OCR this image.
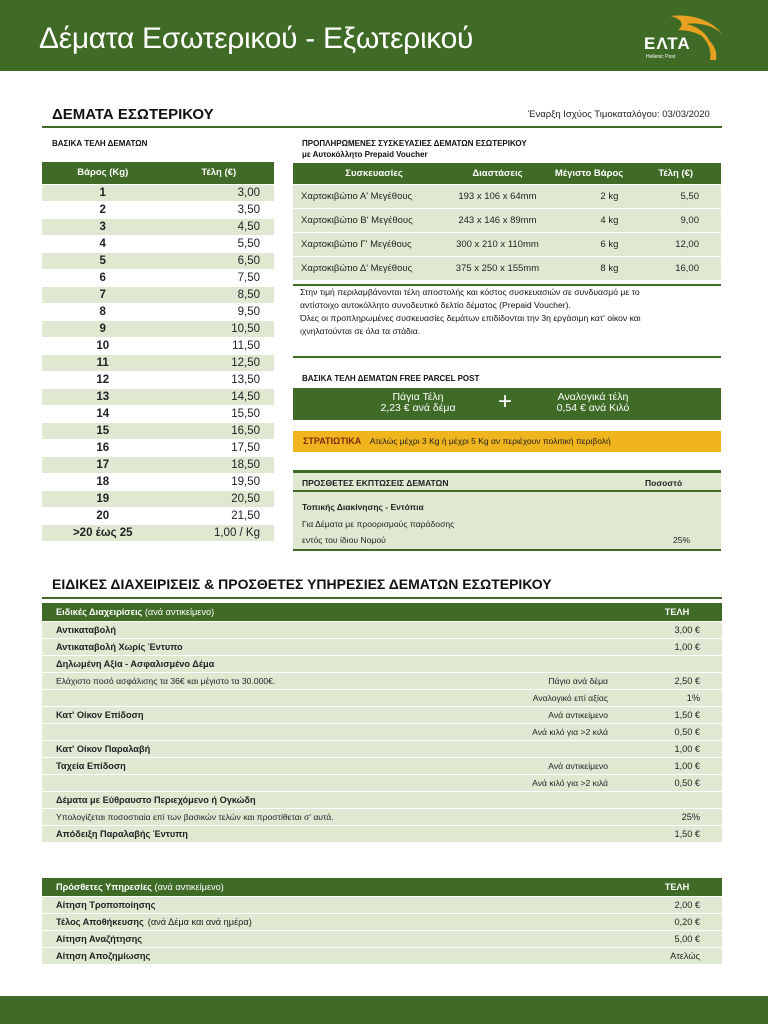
Δέματα Εσωτερικού - Εξωτερικού	ΕΛΤΑ
Hellenic Post
ΔΕΜΑΤΑ ΕΣΩΤΕΡΙΚΟΥ	Έναρξη Ισχύος Τιμοκαταλόγου: 03/03/2020
ΒΑΣΙΚΑ ΤΕΛΗ ΔΕΜΑΤΩΝ
Βάρος (Kg)	Τέλη (€)
1	3,00
2	3,50
3	4,50
4	5,50
5	6,50
6	7,50
7	8,50
8	9,50
9	10,50
10	11,50
11	12,50
12	13,50
13	14,50
14	15,50
15	16,50
16	17,50
17	18,50
18	19,50
19	20,50
20	21,50
>20 έως 25	1,00 / Kg
ΠΡΟΠΛΗΡΩΜΕΝΕΣ ΣΥΣΚΕΥΑΣΙΕΣ ΔΕΜΑΤΩΝ ΕΣΩΤΕΡΙΚΟΥ
με Αυτοκόλλητο Prepaid Voucher
Συσκευασίες	Διαστάσεις	Μέγιστο Βάρος	Τέλη (€)
Χαρτοκιβώτιο Α' Μεγέθους	193 x 106 x 64mm	2 kg	5,50
Χαρτοκιβώτιο Β' Μεγέθους	243 x 146 x 89mm	4 kg	9,00
Χαρτοκιβώτιο Γ' Μεγέθους	300 x 210 x 110mm	6 kg	12,00
Χαρτοκιβώτιο Δ' Μεγέθους	375 x 250 x 155mm	8 kg	16,00
Στην τιμή περιλαμβάνονται τέλη αποστολής και κόστος συσκευασιών σε συνδυασμό με το
αντίστοιχο αυτοκόλλητο συνοδευτικό δελτίο δέματος (Prepaid Voucher).
Όλες οι προπληρωμένες συσκευασίες δεμάτων επιδίδονται την 3η εργάσιμη κατ' οίκον και
ιχνηλατούνται σε όλα τα στάδια.
ΒΑΣΙΚΑ ΤΕΛΗ ΔΕΜΑΤΩΝ FREE PARCEL POST
Πάγια Τέλη
2,23 € ανά δέμα	+	Αναλογικά τέλη
0,54 € ανά Κιλό
ΣΤΡΑΤΙΩΤΙΚΑ Ατελώς μέχρι 3 Kg ή μέχρι 5 Kg αν περιέχουν πολιτική περιβολή
ΠΡΟΣΘΕΤΕΣ ΕΚΠΤΩΣΕΙΣ ΔΕΜΑΤΩΝ	Ποσοστό
Τοπικής Διακίνησης - Εντόπια
Για Δέματα με προορισμούς παράδοσης
εντός του ίδιου Νομού	25%
ΕΙΔΙΚΕΣ ΔΙΑΧΕΙΡΙΣΕΙΣ & ΠΡΟΣΘΕΤΕΣ ΥΠΗΡΕΣΙΕΣ ΔΕΜΑΤΩΝ ΕΣΩΤΕΡΙΚΟΥ
Ειδικές Διαχειρίσεις (ανά αντικείμενο)		ΤΕΛΗ
Αντικαταβολή		3,00 €
Αντικαταβολή Χωρίς Έντυπο		1,00 €
Δηλωμένη Αξία - Ασφαλισμένο Δέμα		
Ελάχιστο ποσό ασφάλισης τα 36€ και μέγιστο τα 30.000€.	Πάγιο ανά δέμα	2,50 €
	Αναλογικό επί αξίας	1%
Κατ' Οίκον Επίδοση	Ανά αντικείμενο	1,50 €
	Ανά κιλό για >2 κιλά	0,50 €
Κατ' Οίκον Παραλαβή		1,00 €
Ταχεία Επίδοση	Ανά αντικείμενο	1,00 €
	Ανά κιλό για >2 κιλά	0,50 €
Δέματα με Εύθραυστο Περιεχόμενο ή Ογκώδη		
Υπολογίζεται ποσοστιαία επί των βασικών τελών και προστίθεται σ' αυτά.		25%
Απόδειξη Παραλαβής Έντυπη		1,50 €
Πρόσθετες Υπηρεσίες (ανά αντικείμενο)	ΤΕΛΗ
Αίτηση Τροποποίησης	2,00 €
Τέλος Αποθήκευσης (ανά Δέμα και ανά ημέρα)	0,20 €
Αίτηση Αναζήτησης	5,00 €
Αίτηση Αποζημίωσης	Ατελώς
